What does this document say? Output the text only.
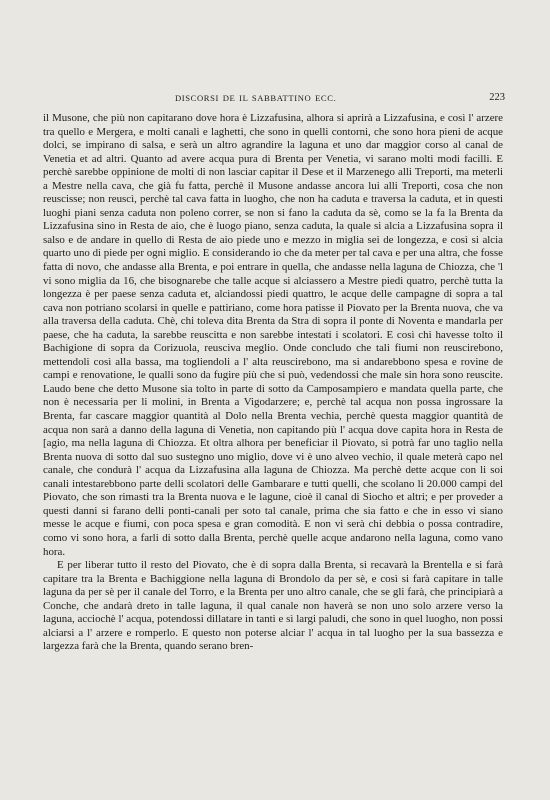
DISCORSI DE IL SABBATTINO ECC.	223

il Musone, che più non capitarano dove hora è Lizzafusina, alhora si aprirà a Lizzafusina, e così l' arzere tra quello e Mergera, e molti canali e laghetti, che sono in quelli contorni, che sono hora pieni de acque dolci, se impirano di salsa, e serà un altro agrandire la laguna et uno dar maggior corso al canal de Venetia et ad altri. Quanto ad avere acqua pura di Brenta per Venetia, vi sarano molti modi facilli. E perchè sarebbe oppinione de molti di non lasciar capitar il Dese et il Marzenego alli Treporti, ma meterli a Mestre nella cava, che già fu fatta, perchè il Musone andasse ancora lui alli Treporti, cosa che non reuscisse; non reuscì, perchè tal cava fatta in luogho, che non ha caduta e traversa la caduta, et in questi luoghi piani senza caduta non poleno correr, se non si fano la caduta da sè, como se la fa la Brenta da Lizzafusina sino in Resta de aio, che è luogo piano, senza caduta, la quale si alcia a Lizzafusina sopra il salso e de andare in quello di Resta de aio piede uno e mezzo in miglia sei de longezza, e così si alcia quarto uno di piede per ogni miglio. E considerando io che da meter per tal cava e per una altra, che fosse fatta di novo, che andasse alla Brenta, e poi entrare in quella, che andasse nella laguna de Chiozza, che 'l vi sono miglia da 16, che bisognarebe che talle acque si alciassero a Mestre piedi quatro, perchè tutta la longezza è per paese senza caduta et, alciandossi piedi quattro, le acque delle campagne di sopra a tal cava non potriano scolarsi in quelle e pattiriano, come hora patisse il Piovato per la Brenta nuova, che va alla traversa della caduta. Chè, chi toleva dita Brenta da Stra di sopra il ponte di Noventa e mandarla per paese, che ha caduta, la sarebbe reuscitta e non sarebbe intestati i scolatori. E così chi havesse tolto il Bachigione di sopra da Corizuola, reusciva meglio. Onde concludo che tali fiumi non reuscirebono, mettendoli così alla bassa, ma togliendoli a l' alta reuscirebono, ma si andarebbono spesa e rovine de campi e renovatione, le qualli sono da fugire più che si può, vedendossi che male sin hora sono reuscite. Laudo bene che detto Musone sia tolto in parte di sotto da Camposampiero e mandata quella parte, che non è necessaria per li molini, in Brenta a Vigodarzere; e, perchè tal acqua non possa ingrossare la Brenta, far cascare maggior quantità al Dolo nella Brenta vechia, perchè questa maggior quantità de acqua non sarà a danno della laguna di Venetia, non capitando più l' acqua dove capita hora in Resta de [agio, ma nella laguna di Chiozza. Et oltra alhora per beneficiar il Piovato, si potrà far uno taglio nella Brenta nuova di sotto dal suo sustegno uno miglio, dove vi è uno alveo vechio, il quale meterà capo nel canale, che condurà l' acqua da Lizzafusina alla laguna de Chiozza. Ma perchè dette acque con li soi canali intestarebbono parte delli scolatori delle Gambarare e tutti quelli, che scolano li 20.000 campi del Piovato, che son rimasti tra la Brenta nuova e le lagune, cioè il canal di Siocho et altri; e per proveder a questi danni si farano delli ponti-canali per soto tal canale, prima che sia fatto e che in esso vi siano messe le acque e fiumi, con poca spesa e gran comodità. E non vi serà chi debbia o possa contradire, como vi sono hora, a farli di sotto dalla Brenta, perchè quelle acque andarono nella laguna, como vano hora.

E per liberar tutto il resto del Piovato, che è di sopra dalla Brenta, si recavarà la Brentella e si farà capitare tra la Brenta e Bachiggione nella laguna di Brondolo da per sè, e così si farà capitare in talle laguna da per sè per il canale del Torro, e la Brenta per uno altro canale, che se gli farà, che principiarà a Conche, che andarà dreto in talle laguna, il qual canale non haverà se non uno solo arzere verso la laguna, acciochè l' acqua, potendossi dillatare in tanti e sì largi paludi, che sono in quel luogho, non possi alciarsi a l' arzere e romperlo. E questo non poterse alciar l' acqua in tal luogho per la sua bassezza e largezza farà che la Brenta, quando serano bren-
